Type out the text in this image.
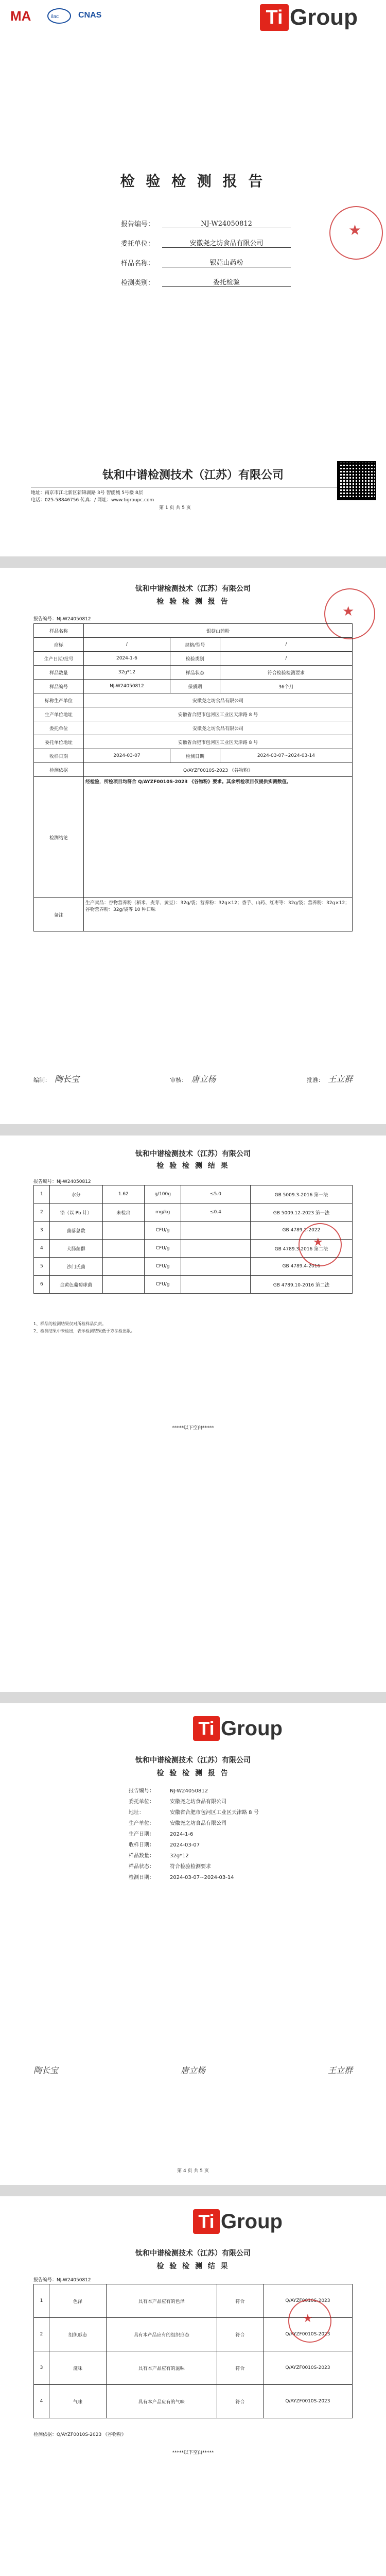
MA	ilac CNAS	Ti Group
检 验 检 测 报 告
报告编号：	NJ-W24050812
委托单位：	安徽尧之坊食品有限公司
样品名称：	银菇山药粉
检测类别：	委托检验
★
钛和中谱检测技术（江苏）有限公司
地址：南京市江北新区新锦湖路 3号 智能城 5号楼 8层
电话：025-58846756 传真：/ 网址：www.tigroupc.com
第 1 页 共 5 页
钛和中谱检测技术（江苏）有限公司
检 验 检 测 报 告
报告编号：NJ-W24050812	★
样品名称	银菇山药粉		
商标	/	规格/型号	/
生产日期/批号	2024-1-6	检验类别	/
样品数量	32g*12	样品状态	符合检验检测要求
样品编号	NJ-W24050812	保质期	36个月
标称生产单位	安徽尧之坊食品有限公司		
生产单位地址	安徽省合肥市包河区工业区天津路 8 号		
委托单位	安徽尧之坊食品有限公司		
委托单位地址	安徽省合肥市包河区工业区天津路 8 号		
收样日期	2024-03-07	检测日期	2024-03-07~2024-03-14
检测依据	Q/AYZF0010S-2023 《谷物粉》		
检测结论	经检验，所检项目均符合 Q/AYZF0010S-2023 《谷物粉》要求。其余所检项目仅提供实测数值。		
备注	生产卖品：谷物营养粉（稻米、麦芽、黄豆）：32g/袋；营养粉：32g×12；香芋、山药、红枣等：32g/袋；营养粉：32g×12；谷物营养粉：32g/袋等 10 种口味		
编制： 陶长宝	审核： 唐立杨	批准： 王立群
钛和中谱检测技术（江苏）有限公司
检 验 检 测 结 果
报告编号：NJ-W24050812
1	水分	1.62	g/100g	≤5.0	GB 5009.3-2016 第一法
2	铅（以 Pb 计）	未检出	mg/kg	≤0.4	GB 5009.12-2023 第一法
3	菌落总数		CFU/g		GB 4789.2-2022
4	大肠菌群		CFU/g		GB 4789.3-2016 第二法
5	沙门氏菌		CFU/g		GB 4789.4-2016
6	金黄色葡萄球菌		CFU/g		GB 4789.10-2016 第二法
★
1、样品的检测结果仅对所检样品负责。
2、检测结果中未检出，表示检测结果低于方法检出限。
*****以下空白*****
Ti Group
钛和中谱检测技术（江苏）有限公司
检 验 检 测 报 告
报告编号：	NJ-W24050812
委托单位：	安徽尧之坊食品有限公司
地址：	安徽省合肥市包河区工业区天津路 8 号
生产单位：	安徽尧之坊食品有限公司
生产日期：	2024-1-6
收样日期：	2024-03-07
样品数量：	32g*12
样品状态：	符合检验检测要求
检测日期：	2024-03-07~2024-03-14
陶长宝	唐立杨	王立群
第 4 页 共 5 页
Ti Group
钛和中谱检测技术（江苏）有限公司
检 验 检 测 结 果
报告编号：NJ-W24050812
1	色泽	具有本产品应有的色泽	符合	Q/AYZF0010S-2023
2	组织形态	具有本产品应有的组织形态	符合	Q/AYZF0010S-2023
3	滋味	具有本产品应有的滋味	符合	Q/AYZF0010S-2023
4	气味	具有本产品应有的气味	符合	Q/AYZF0010S-2023
★
检测依据：Q/AYZF0010S-2023 《谷物粉》
*****以下空白*****
